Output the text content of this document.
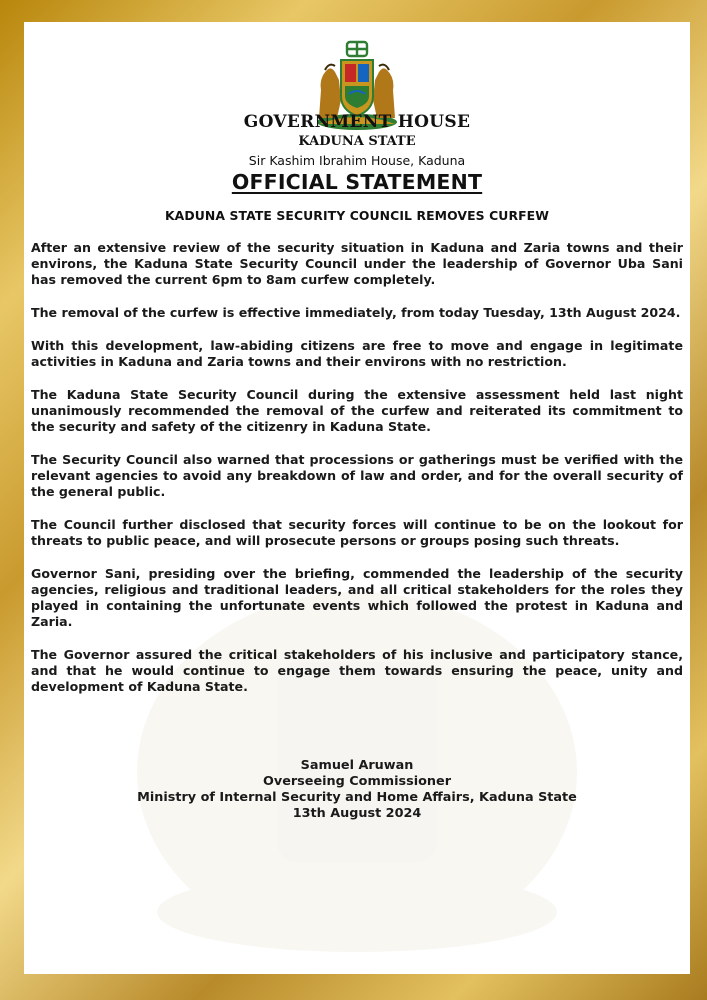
GOVERNMENT HOUSE
KADUNA STATE
Sir Kashim Ibrahim House, Kaduna
OFFICIAL STATEMENT
KADUNA STATE SECURITY COUNCIL REMOVES CURFEW

After an extensive review of the security situation in Kaduna and Zaria towns and their environs, the Kaduna State Security Council under the leadership of Governor Uba Sani has removed the current 6pm to 8am curfew completely.

The removal of the curfew is effective immediately, from today Tuesday, 13th August 2024.

With this development, law-abiding citizens are free to move and engage in legitimate activities in Kaduna and Zaria towns and their environs with no restriction.

The Kaduna State Security Council during the extensive assessment held last night unanimously recommended the removal of the curfew and reiterated its commitment to the security and safety of the citizenry in Kaduna State.

The Security Council also warned that processions or gatherings must be verified with the relevant agencies to avoid any breakdown of law and order, and for the overall security of the general public.

The Council further disclosed that security forces will continue to be on the lookout for threats to public peace, and will prosecute persons or groups posing such threats.

Governor Sani, presiding over the briefing, commended the leadership of the security agencies, religious and traditional leaders, and all critical stakeholders for the roles they played in containing the unfortunate events which followed the protest in Kaduna and Zaria.

The Governor assured the critical stakeholders of his inclusive and participatory stance, and that he would continue to engage them towards ensuring the peace, unity and development of Kaduna State.

Samuel Aruwan
Overseeing Commissioner
Ministry of Internal Security and Home Affairs, Kaduna State
13th August 2024
